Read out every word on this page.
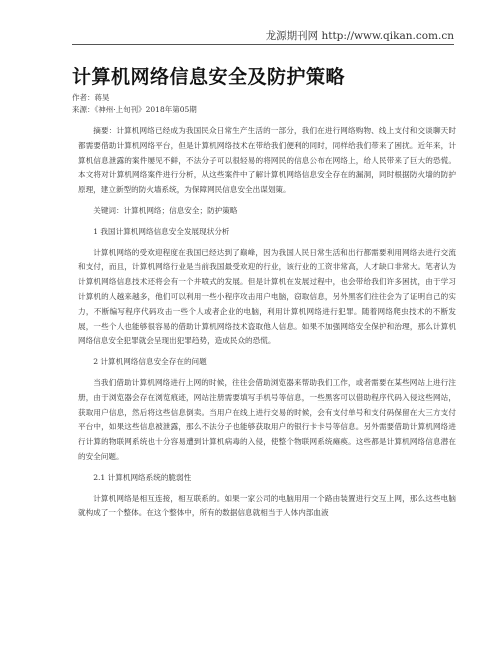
龙源期刊网 http://www.qikan.com.cn
计算机网络信息安全及防护策略
作者：蒋昊
来源：《神州·上旬刊》2018年第05期

摘要：计算机网络已经成为我国民众日常生产生活的一部分，我们在进行网络购物、线上支付和交谈聊天时都需要借助计算机网络平台，但是计算机网络技术在带给我们便利的同时，同样给我们带来了困扰。近年来，计算机信息泄露的案件屡见不鲜，不法分子可以很轻易的将网民的信息公布在网络上，给人民带来了巨大的恐慌。本文将对计算机网络案件进行分析，从这些案件中了解计算机网络信息安全存在的漏洞，同时根据防火墙的防护原理，建立新型的防火墙系统，为保障网民信息安全出谋划策。

关键词：计算机网络；信息安全；防护策略

1 我国计算机网络信息安全发展现状分析

计算机网络的受欢迎程度在我国已经达到了巅峰，因为我国人民日常生活和出行都需要利用网络去进行交流和支付，而且，计算机网络行业是当前我国最受欢迎的行业，该行业的工资非常高，人才缺口非常大。笔者认为计算机网络信息技术还将会有一个井喷式的发展。但是计算机在发展过程中，也会带给我们许多困扰，由于学习计算机的人越来越多，他们可以利用一些小程序攻击用户电脑，窃取信息，另外黑客们往往会为了证明自己的实力，不断编写程序代码攻击一些个人或者企业的电脑，利用计算机网络进行犯罪。随着网络爬虫技术的不断发展，一些个人也能够很容易的借助计算机网络技术盗取他人信息。如果不加强网络安全保护和治理，那么计算机网络信息安全犯罪就会呈现出犯罪趋势，造成民众的恐慌。

2 计算机网络信息安全存在的问题

当我们借助计算机网络进行上网的时候，往往会借助浏览器来帮助我们工作，或者需要在某些网站上进行注册，由于浏览器会存在浏览痕迹，网站注册需要填写手机号等信息，一些黑客可以借助程序代码入侵这些网站，获取用户信息，然后将这些信息倒卖。当用户在线上进行交易的时候，会有支付单号和支付码保留在大三方支付平台中，如果这些信息被泄露，那么不法分子也能够获取用户的银行卡卡号等信息。另外需要借助计算机网络进行计算的物联网系统也十分容易遭到计算机病毒的入侵，使整个物联网系统瘫痪。这些都是计算机网络信息潜在的安全问题。

2.1 计算机网络系统的脆弱性

计算机网络是相互连接，相互联系的。如果一家公司的电脑用用一个路由装置进行交互上网，那么这些电脑就构成了一个整体。在这个整体中，所有的数据信息就相当于人体内部血液
